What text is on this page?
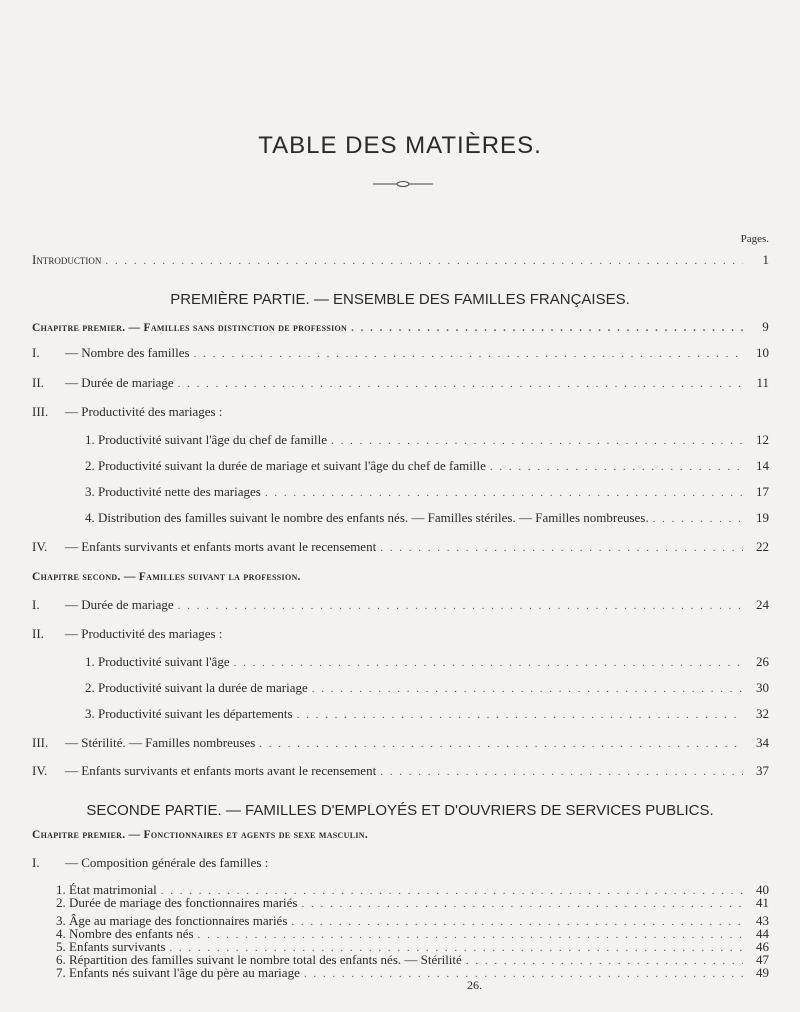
TABLE DES MATIÈRES.
Pages.
Introduction . . .	1
PREMIÈRE PARTIE. — ENSEMBLE DES FAMILLES FRANÇAISES.
Chapitre premier. — Familles sans distinction de profession . . .	9
I. — Nombre des familles . . .	10
II. — Durée de mariage . . .	11
III. — Productivité des mariages :
1. Productivité suivant l'âge du chef de famille . . .	12
2. Productivité suivant la durée de mariage et suivant l'âge du chef de famille . . .	14
3. Productivité nette des mariages . . .	17
4. Distribution des familles suivant le nombre des enfants nés. — Familles stériles. — Familles nombreuses. . . .	19
IV. — Enfants survivants et enfants morts avant le recensement . . .	22
Chapitre second. — Familles suivant la profession.
I. — Durée de mariage . . .	24
II. — Productivité des mariages :
1. Productivité suivant l'âge . . .	26
2. Productivité suivant la durée de mariage . . .	30
3. Productivité suivant les départements . . .	32
III. — Stérilité. — Familles nombreuses . . .	34
IV. — Enfants survivants et enfants morts avant le recensement . . .	37
SECONDE PARTIE. — FAMILLES D'EMPLOYÉS ET D'OUVRIERS DE SERVICES PUBLICS.
Chapitre premier. — Fonctionnaires et agents de sexe masculin.
I. — Composition générale des familles :
1. État matrimonial . . .	40
2. Durée de mariage des fonctionnaires mariés . . .	41
3. Âge au mariage des fonctionnaires mariés . . .	43
4. Nombre des enfants nés . . .	44
5. Enfants survivants . . .	46
6. Répartition des familles suivant le nombre total des enfants nés. — Stérilité . . .	47
7. Enfants nés suivant l'âge du père au mariage . . .	49
26.
